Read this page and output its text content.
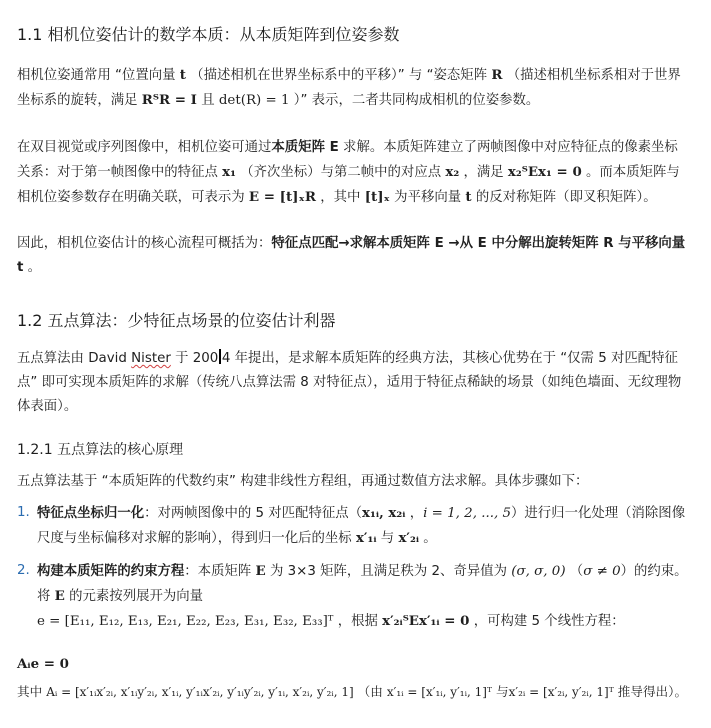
1.1 相机位姿估计的数学本质：从本质矩阵到位姿参数

相机位姿通常用 “位置向量 t （描述相机在世界坐标系中的平移）” 与 “姿态矩阵 R （描述相机坐标系相对于世界坐标系的旋转，满足 RᵀR = I 且 det(R) = 1 ）” 表示，二者共同构成相机的位姿参数。

在双目视觉或序列图像中，相机位姿可通过本质矩阵 E 求解。本质矩阵建立了两帧图像中对应特征点的像素坐标关系：对于第一帧图像中的特征点 x₁ （齐次坐标）与第二帧中的对应点 x₂ ，满足 x₂ᵀEx₁ = 0 。而本质矩阵与相机位姿参数存在明确关联，可表示为 E = [t]ₓR ，其中 [t]ₓ 为平移向量 t 的反对称矩阵（即叉积矩阵）。

因此，相机位姿估计的核心流程可概括为：特征点匹配→求解本质矩阵 E →从 E 中分解出旋转矩阵 R 与平移向量 t 。

1.2 五点算法：少特征点场景的位姿估计利器

五点算法由 David Nister 于 200 4 年提出，是求解本质矩阵的经典方法，其核心优势在于 “仅需 5 对匹配特征点” 即可实现本质矩阵的求解（传统八点算法需 8 对特征点），适用于特征点稀缺的场景（如纯色墙面、无纹理物体表面）。

1.2.1 五点算法的核心原理

五点算法基于 “本质矩阵的代数约束” 构建非线性方程组，再通过数值方法求解。具体步骤如下：

1. 特征点坐标归一化：对两帧图像中的 5 对匹配特征点（x₁ᵢ, x₂ᵢ ，i = 1, 2, ..., 5）进行归一化处理（消除图像尺度与坐标偏移对求解的影响），得到归一化后的坐标 x′₁ᵢ 与 x′₂ᵢ 。
2. 构建本质矩阵的约束方程：本质矩阵 E 为 3×3 矩阵，且满足秩为 2、奇异值为 (σ, σ, 0) （σ ≠ 0）的约束。将 E 的元素按列展开为向量
e = [E₁₁, E₁₂, E₁₃, E₂₁, E₂₂, E₂₃, E₃₁, E₃₂, E₃₃]ᵀ ，根据 x′₂ᵢᵀEx′₁ᵢ = 0 ，可构建 5 个线性方程：

Aᵢe = 0

其中 Aᵢ = [x′₁ᵢx′₂ᵢ, x′₁ᵢy′₂ᵢ, x′₁ᵢ, y′₁ᵢx′₂ᵢ, y′₁ᵢy′₂ᵢ, y′₁ᵢ, x′₂ᵢ, y′₂ᵢ, 1] （由 x′₁ᵢ = [x′₁ᵢ, y′₁ᵢ, 1]ᵀ 与x′₂ᵢ = [x′₂ᵢ, y′₂ᵢ, 1]ᵀ 推导得出）。
